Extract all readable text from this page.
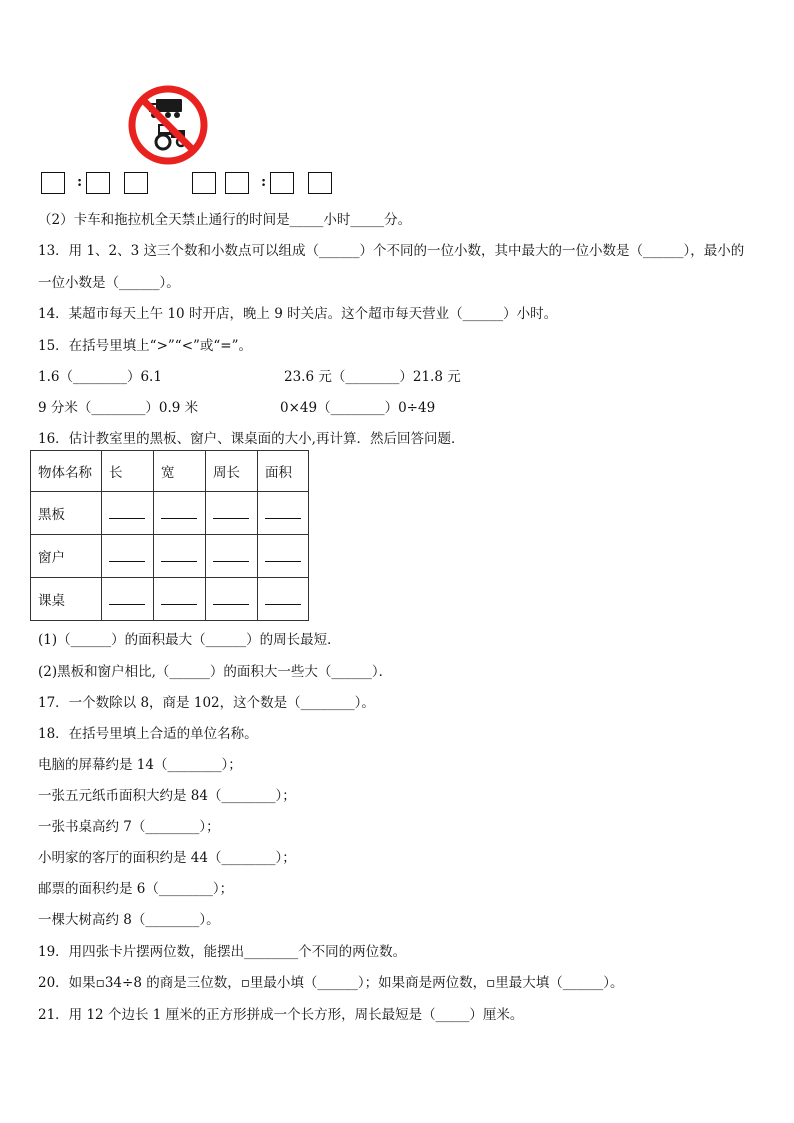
:	:
（2）卡车和拖拉机全天禁止通行的时间是_____小时_____分。
13．用 1、2、3 这三个数和小数点可以组成（______）个不同的一位小数，其中最大的一位小数是（______），最小的
一位小数是（______）。
14．某超市每天上午 10 时开店，晚上 9 时关店。这个超市每天营业（______）小时。
15．在括号里填上“>”“<”或“=”。
1.6（________）6.1	23.6 元（________）21.8 元
9 分米（________）0.9 米	0×49（________）0÷49
16．估计教室里的黑板、窗户、课桌面的大小,再计算．然后回答问题．
物体名称	长	宽	周长	面积
黑板				
窗户				
课桌				
(1)（______）的面积最大（______）的周长最短．
(2)黑板和窗户相比,（______）的面积大一些大（______）．
17．一个数除以 8，商是 102，这个数是（________）。
18．在括号里填上合适的单位名称。
电脑的屏幕约是 14（________）；
一张五元纸币面积大约是 84（________）；
一张书桌高约 7（________）；
小明家的客厅的面积约是 44（________）；
邮票的面积约是 6（________）；
一棵大树高约 8（________）。
19．用四张卡片摆两位数，能摆出________个不同的两位数。
20．如果▫34÷8 的商是三位数，▫里最小填（______）；如果商是两位数，▫里最大填（______）。
21．用 12 个边长 1 厘米的正方形拼成一个长方形，周长最短是（_____）厘米。
